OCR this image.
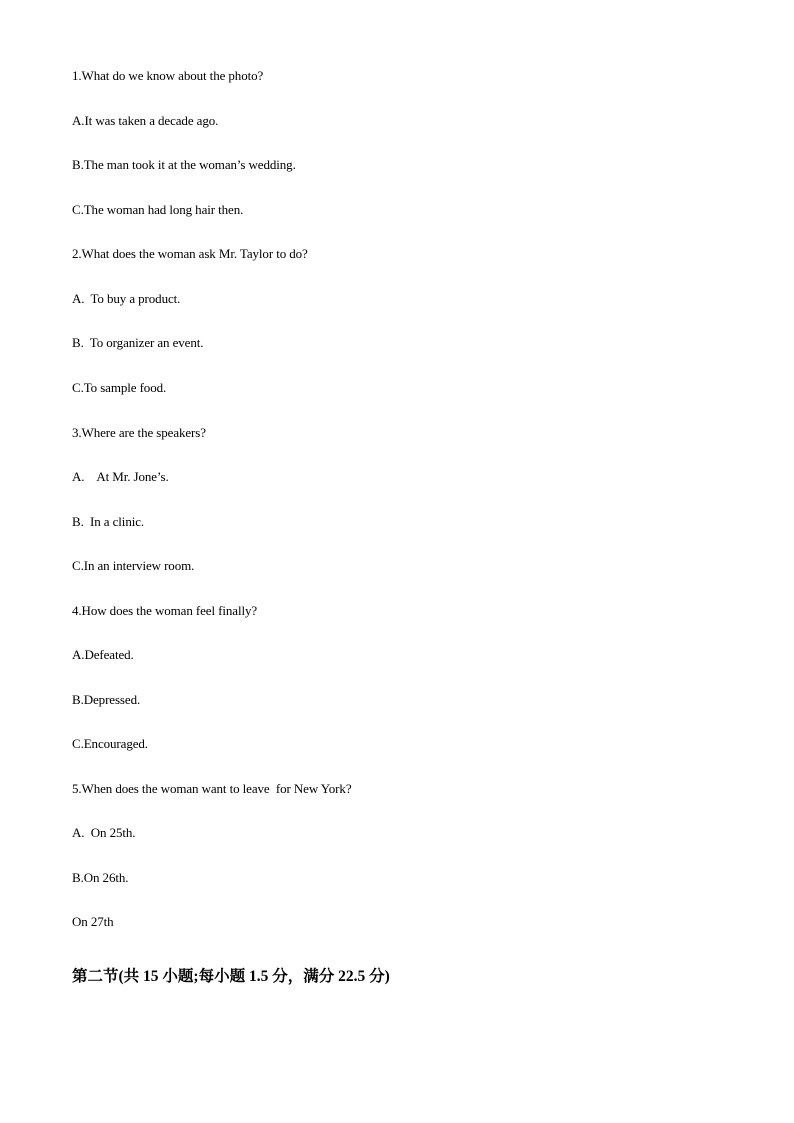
1.What do we know about the photo?
A.It was taken a decade ago.
B.The man took it at the woman’s wedding.
C.The woman had long hair then.
2.What does the woman ask Mr. Taylor to do?
A.  To buy a product.
B.  To organizer an event.
C.To sample food.
3.Where are the speakers?
A.    At Mr. Jone’s.
B.  In a clinic.
C.In an interview room.
4.How does the woman feel finally?
A.Defeated.
B.Depressed.
C.Encouraged.
5.When does the woman want to leave  for New York?
A.  On 25th.
B.On 26th.
On 27th
第二节(共 15 小题;每小题 1.5 分，满分 22.5 分)
